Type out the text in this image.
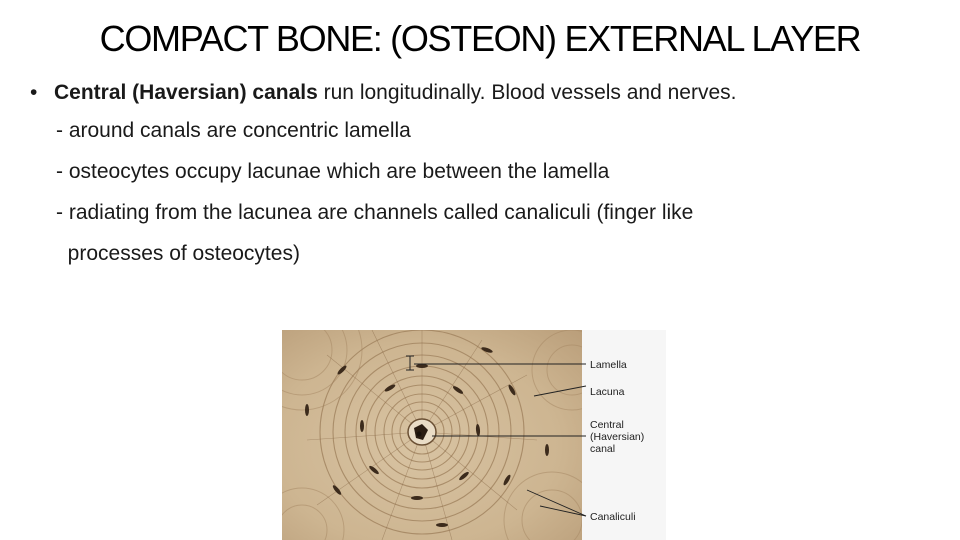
COMPACT BONE: (OSTEON) EXTERNAL LAYER
• Central (Haversian) canals run longitudinally. Blood vessels and nerves.
- around canals are concentric lamella
- osteocytes occupy lacunae which are between the lamella
- radiating from the lacunea are channels called canaliculi (finger like
processes of osteocytes)
Lamella
Lacuna
Central
(Haversian)
canal
Canaliculi
